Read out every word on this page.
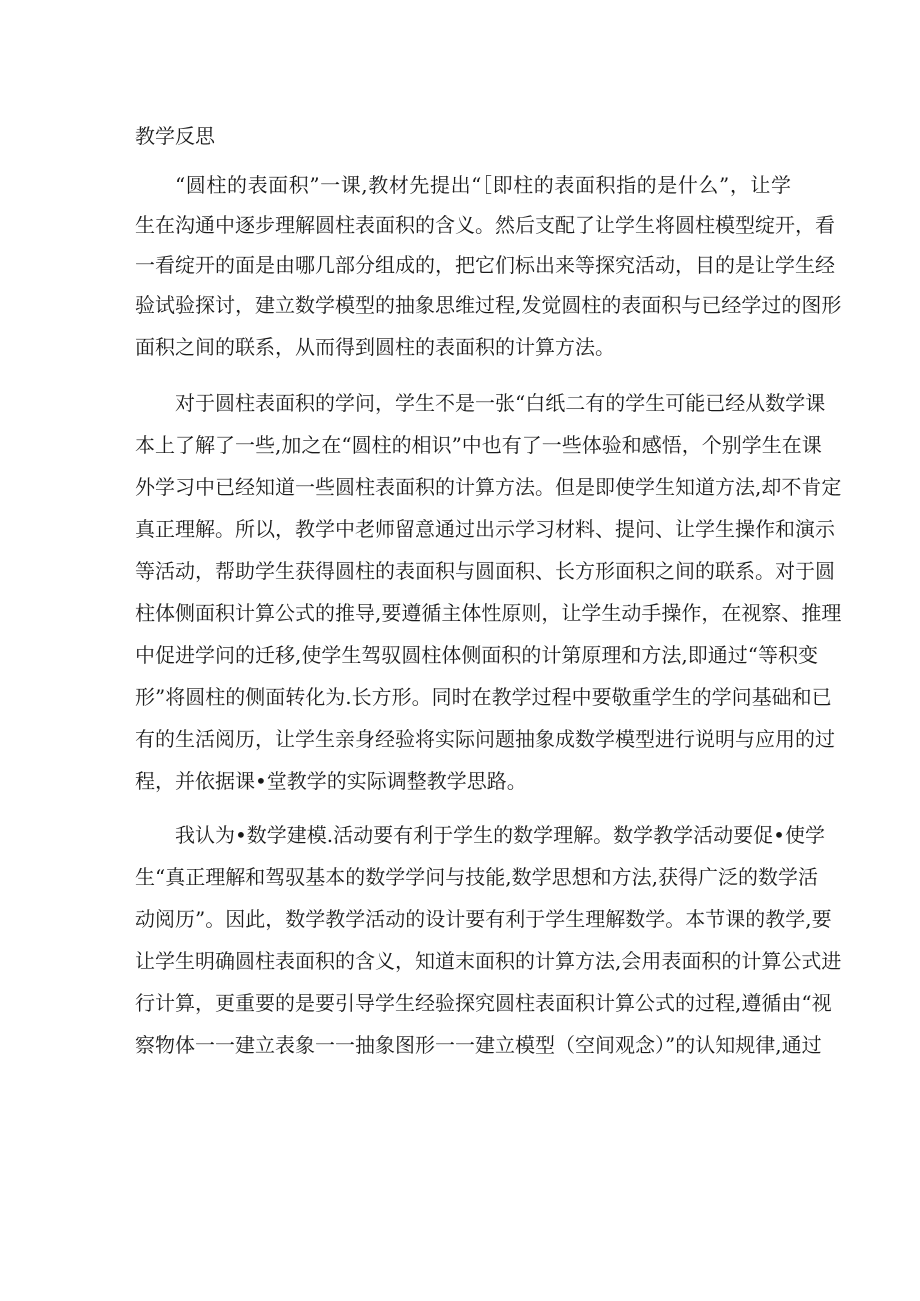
教学反思
“圆柱的表面积”一课,教材先提出“［即柱的表面积指的是什么”，让学
生在沟通中逐步理解圆柱表面积的含义。然后支配了让学生将圆柱模型绽开，看
一看绽开的面是由哪几部分组成的，把它们标出来等探究活动，目的是让学生经
验试验探讨，建立数学模型的抽象思维过程,发觉圆柱的表面积与已经学过的图形
面积之间的联系，从而得到圆柱的表面积的计算方法。
对于圆柱表面积的学问，学生不是一张“白纸二有的学生可能已经从数学课
本上了解了一些,加之在“圆柱的相识”中也有了一些体验和感悟，个别学生在课
外学习中已经知道一些圆柱表面积的计算方法。但是即使学生知道方法,却不肯定
真正理解。所以，教学中老师留意通过出示学习材料、提问、让学生操作和演示
等活动，帮助学生获得圆柱的表面积与圆面积、长方形面积之间的联系。对于圆
柱体侧面积计算公式的推导,要遵循主体性原则，让学生动手操作，在视察、推理
中促进学问的迁移,使学生驾驭圆柱体侧面积的计第原理和方法,即通过“等积变
形”将圆柱的侧面转化为.长方形。同时在教学过程中要敬重学生的学问基础和已
有的生活阅历，让学生亲身经验将实际问题抽象成数学模型进行说明与应用的过
程，并依据课•堂教学的实际调整教学思路。
我认为•数学建模.活动要有利于学生的数学理解。数学教学活动要促•使学
生“真正理解和驾驭基本的数学学问与技能,数学思想和方法,获得广泛的数学活
动阅历”。因此，数学教学活动的设计要有利于学生理解数学。本节课的教学,要
让学生明确圆柱表面积的含义，知道末面积的计算方法,会用表面积的计算公式进
行计算，更重要的是要引导学生经验探究圆柱表面积计算公式的过程,遵循由“视
察物体一一建立表象一一抽象图形一一建立模型（空间观念）”的认知规律,通过
